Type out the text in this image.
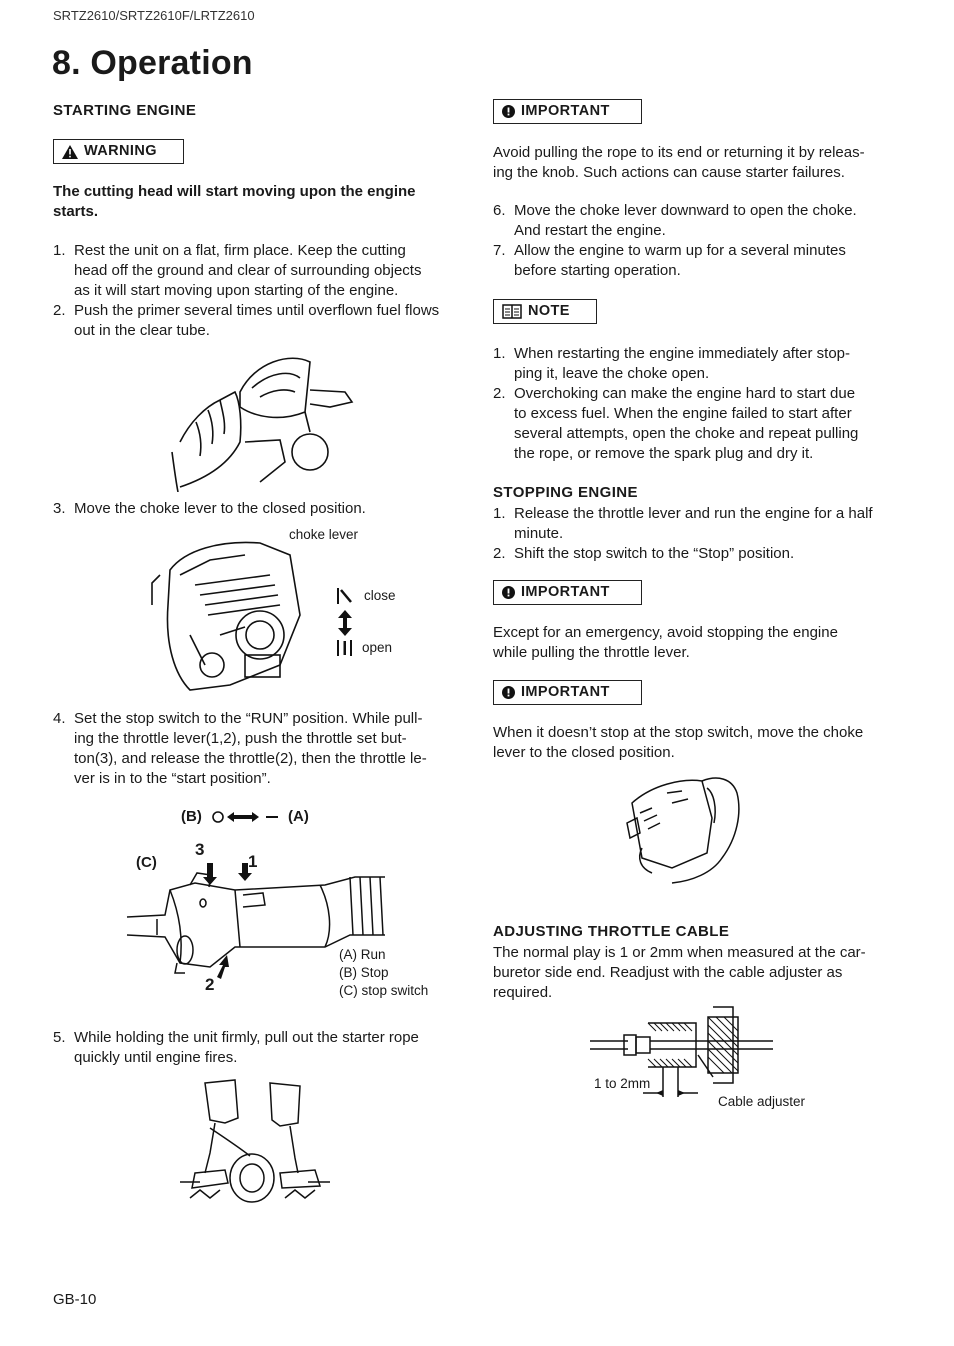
SRTZ2610/SRTZ2610F/LRTZ2610
8. Operation
STARTING ENGINE
WARNING
The cutting head will start moving upon the engine starts.
1. Rest the unit on a flat, firm place. Keep the cutting
head off the ground and clear of surrounding objects
as it will start moving upon starting of the engine.
2. Push the primer several times until overflown fuel flows
out in the clear tube.
3. Move the choke lever to the closed position.
choke lever
close
open
4. Set the stop switch to the “RUN” position. While pull-
ing the throttle lever(1,2), push the throttle set but-
ton(3), and release the throttle(2), then the throttle le-
ver is in to the “start position”.
(B)	(A)
(C)
3
1
2
(A) Run
(B) Stop
(C) stop switch
5. While holding the unit firmly, pull out the starter rope
quickly until engine fires.
IMPORTANT
Avoid pulling the rope to its end or returning it by releas-
ing the knob. Such actions can cause starter failures.
6. Move the choke lever downward to open the choke.
And restart the engine.
7. Allow the engine to warm up for a several minutes
before starting operation.
NOTE
1. When restarting the engine immediately after stop-
ping it, leave the choke open.
2. Overchoking can make the engine hard to start due
to excess fuel. When the engine failed to start after
several attempts, open the choke and repeat pulling
the rope, or remove the spark plug and dry it.
STOPPING ENGINE
1. Release the throttle lever and run the engine for a half
minute.
2. Shift the stop switch to the “Stop” position.
IMPORTANT
Except for an emergency, avoid stopping the engine
while pulling the throttle lever.
IMPORTANT
When it doesn’t stop at the stop switch, move the choke
lever to the closed position.
ADJUSTING THROTTLE CABLE
The normal play is 1 or 2mm when measured at the car-
buretor side end. Readjust with the cable adjuster as
required.
1 to 2mm
Cable adjuster
GB-10
